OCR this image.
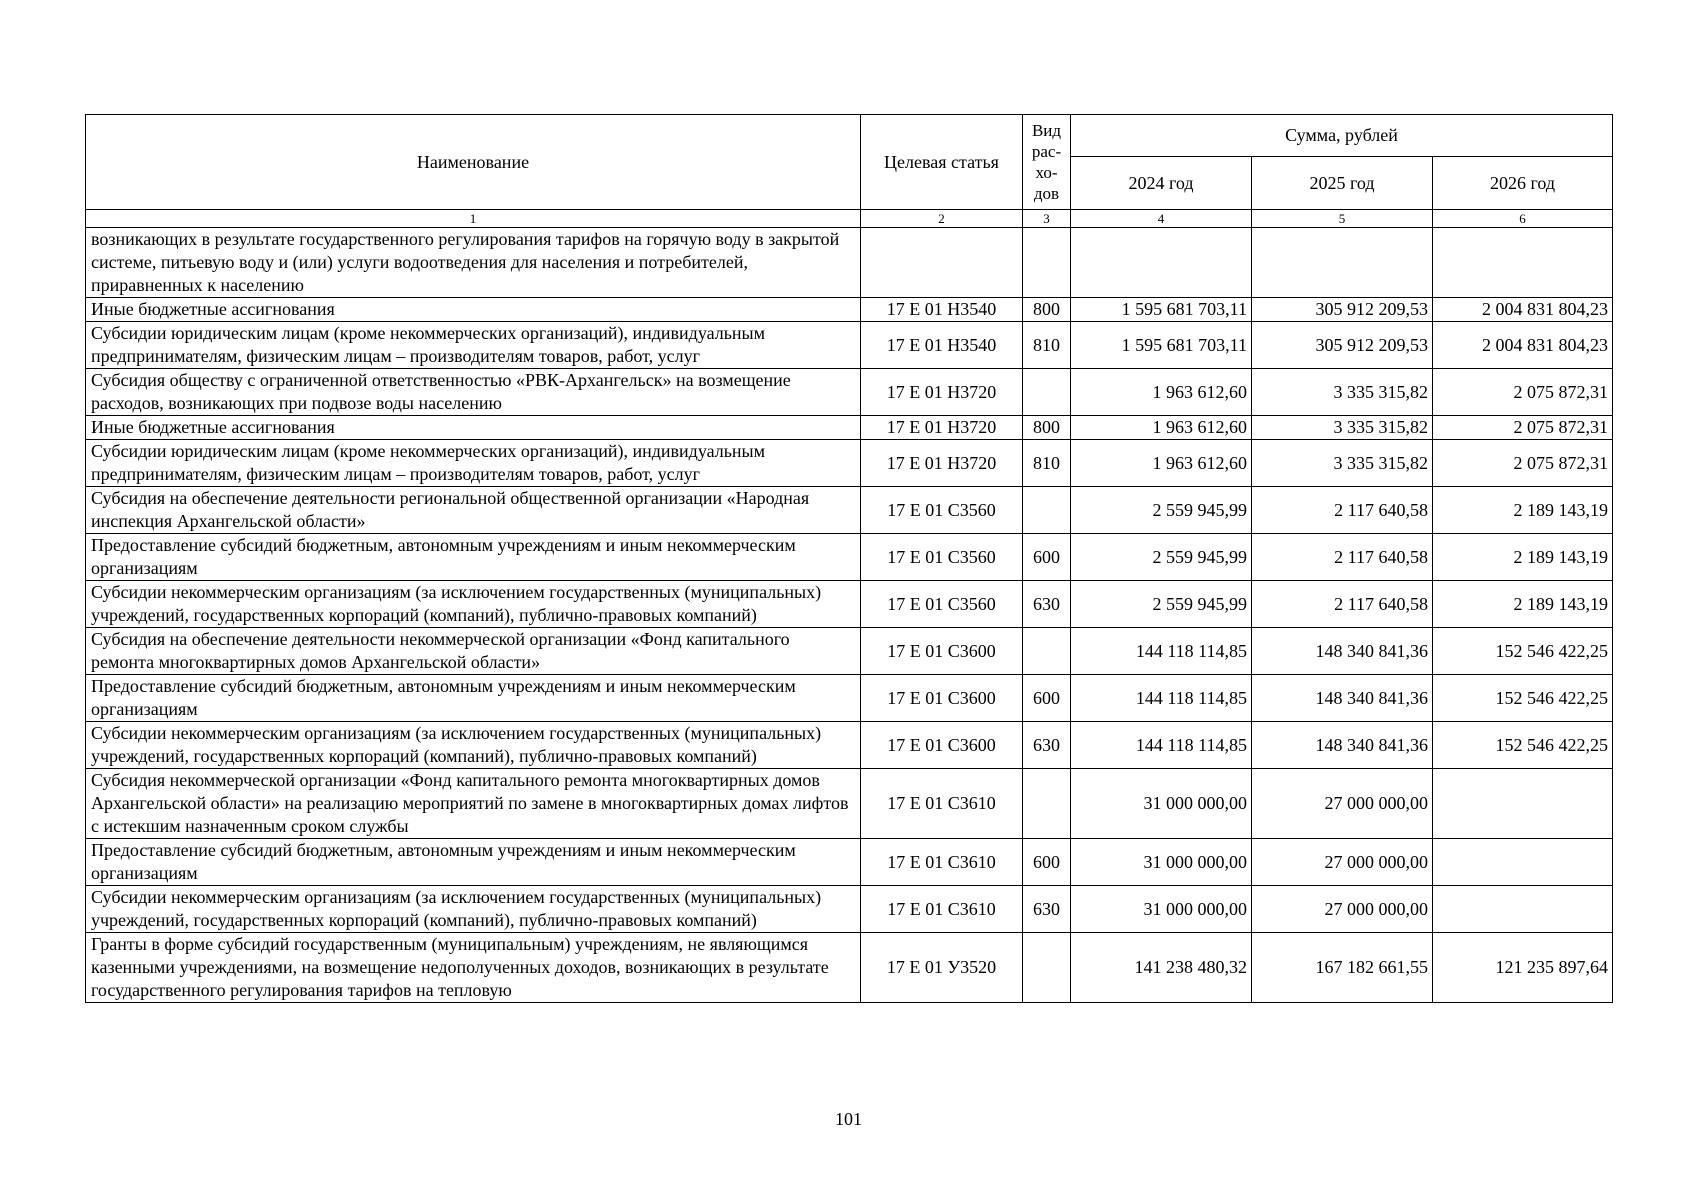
Наименование	Целевая статья	Вид рас-хо-дов	Сумма, рублей		
			2024 год	2025 год	2026 год
1	2	3	4	5	6
возникающих в результате государственного регулирования тарифов на горячую воду в закрытой системе, питьевую воду и (или) услуги водоотведения для населения и потребителей, приравненных к населению					
Иные бюджетные ассигнования	17 Е 01 Н3540	800	1 595 681 703,11	305 912 209,53	2 004 831 804,23
Субсидии юридическим лицам (кроме некоммерческих организаций), индивидуальным предпринимателям, физическим лицам – производителям товаров, работ, услуг	17 Е 01 Н3540	810	1 595 681 703,11	305 912 209,53	2 004 831 804,23
Субсидия обществу с ограниченной ответственностью «РВК-Архангельск» на возмещение расходов, возникающих при подвозе воды населению	17 Е 01 Н3720		1 963 612,60	3 335 315,82	2 075 872,31
Иные бюджетные ассигнования	17 Е 01 Н3720	800	1 963 612,60	3 335 315,82	2 075 872,31
Субсидии юридическим лицам (кроме некоммерческих организаций), индивидуальным предпринимателям, физическим лицам – производителям товаров, работ, услуг	17 Е 01 Н3720	810	1 963 612,60	3 335 315,82	2 075 872,31
Субсидия на обеспечение деятельности региональной общественной организации «Народная инспекция Архангельской области»	17 Е 01 С3560		2 559 945,99	2 117 640,58	2 189 143,19
Предоставление субсидий бюджетным, автономным учреждениям и иным некоммерческим организациям	17 Е 01 С3560	600	2 559 945,99	2 117 640,58	2 189 143,19
Субсидии некоммерческим организациям (за исключением государственных (муниципальных) учреждений, государственных корпораций (компаний), публично-правовых компаний)	17 Е 01 С3560	630	2 559 945,99	2 117 640,58	2 189 143,19
Субсидия на обеспечение деятельности некоммерческой организации «Фонд капитального ремонта многоквартирных домов Архангельской области»	17 Е 01 С3600		144 118 114,85	148 340 841,36	152 546 422,25
Предоставление субсидий бюджетным, автономным учреждениям и иным некоммерческим организациям	17 Е 01 С3600	600	144 118 114,85	148 340 841,36	152 546 422,25
Субсидии некоммерческим организациям (за исключением государственных (муниципальных) учреждений, государственных корпораций (компаний), публично-правовых компаний)	17 Е 01 С3600	630	144 118 114,85	148 340 841,36	152 546 422,25
Субсидия некоммерческой организации «Фонд капитального ремонта многоквартирных домов Архангельской области» на реализацию мероприятий по замене в многоквартирных домах лифтов с истекшим назначенным сроком службы	17 Е 01 С3610		31 000 000,00	27 000 000,00	
Предоставление субсидий бюджетным, автономным учреждениям и иным некоммерческим организациям	17 Е 01 С3610	600	31 000 000,00	27 000 000,00	
Субсидии некоммерческим организациям (за исключением государственных (муниципальных) учреждений, государственных корпораций (компаний), публично-правовых компаний)	17 Е 01 С3610	630	31 000 000,00	27 000 000,00	
Гранты в форме субсидий государственным (муниципальным) учреждениям, не являющимся казенными учреждениями, на возмещение недополученных доходов, возникающих в результате государственного регулирования тарифов на тепловую	17 Е 01 У3520		141 238 480,32	167 182 661,55	121 235 897,64
101
